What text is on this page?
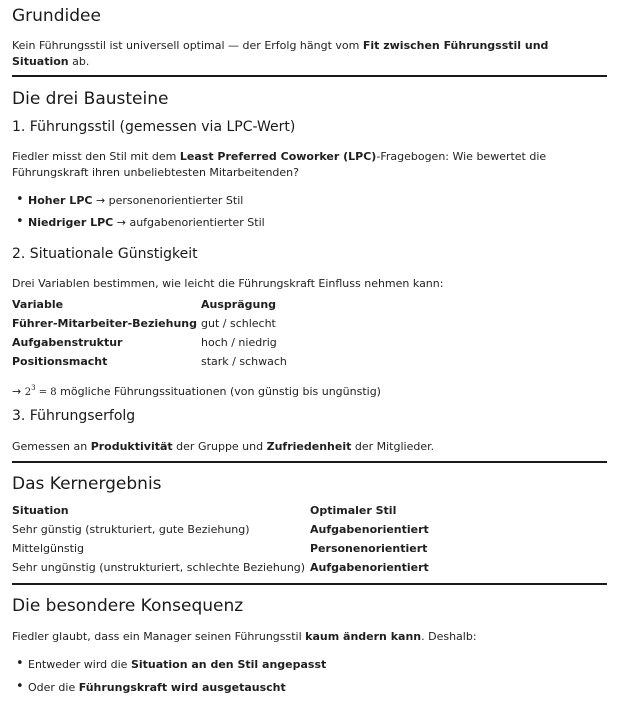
Grundidee

Kein Führungsstil ist universell optimal — der Erfolg hängt vom Fit zwischen Führungsstil und Situation ab.

Die drei Bausteine
1. Führungsstil (gemessen via LPC-Wert)

Fiedler misst den Stil mit dem Least Preferred Coworker (LPC)-Fragebogen: Wie bewertet die Führungskraft ihren unbeliebtesten Mitarbeitenden?

• Hoher LPC → personenorientierter Stil
• Niedriger LPC → aufgabenorientierter Stil
2. Situationale Günstigkeit

Drei Variablen bestimmen, wie leicht die Führungskraft Einfluss nehmen kann:

Variable	Ausprägung
Führer-Mitarbeiter-Beziehung	gut / schlecht
Aufgabenstruktur	hoch / niedrig
Positionsmacht	stark / schwach

→ $2^3 = 8$ mögliche Führungssituationen (von günstig bis ungünstig)

3. Führungserfolg

Gemessen an Produktivität der Gruppe und Zufriedenheit der Mitglieder.

Das Kernergebnis
Situation	Optimaler Stil
Sehr günstig (strukturiert, gute Beziehung)	Aufgabenorientiert
Mittelgünstig	Personenorientiert
Sehr ungünstig (unstrukturiert, schlechte Beziehung)	Aufgabenorientiert
Die besondere Konsequenz

Fiedler glaubt, dass ein Manager seinen Führungsstil kaum ändern kann. Deshalb:

• Entweder wird die Situation an den Stil angepasst
• Oder die Führungskraft wird ausgetauscht
